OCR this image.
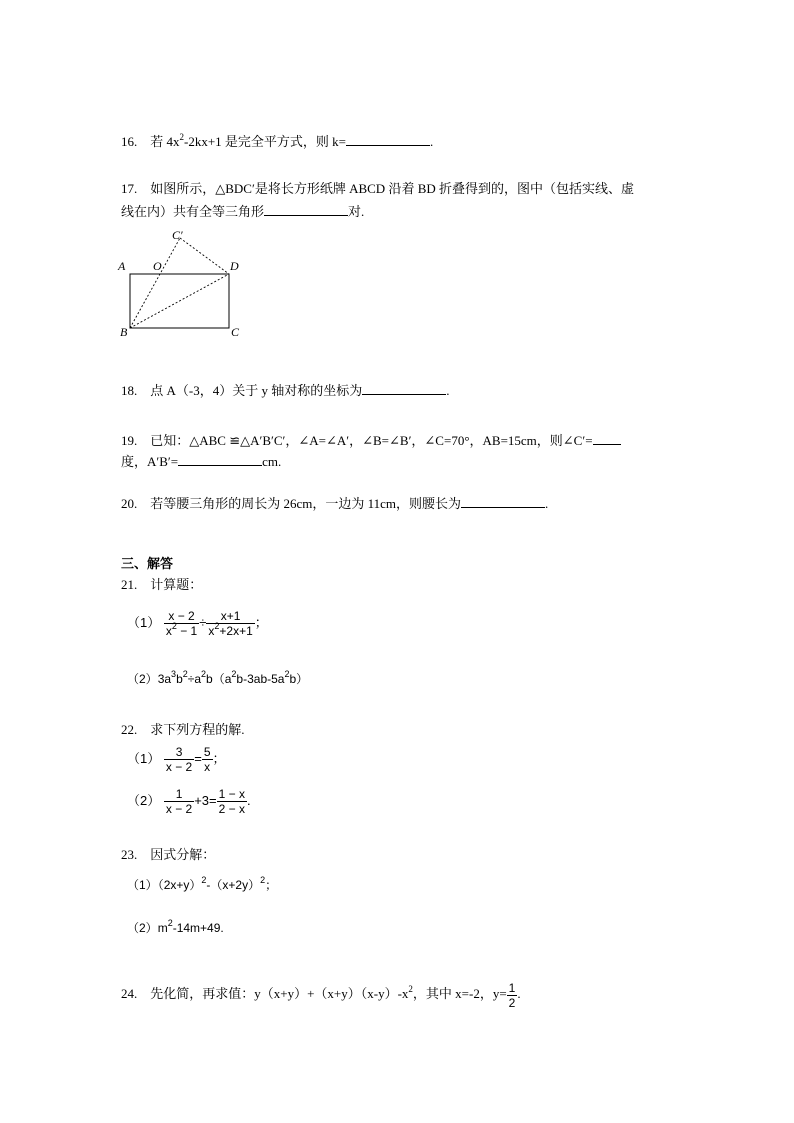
16. 若 $4x^2-2kx+1$ 是完全平方式，则 k=	.
17. 如图所示，△BDC′是将长方形纸牌 ABCD 沿着 BD 折叠得到的，图中（包括实线、虚
线在内）共有全等三角形	对.
A O
C′
D
B	C
18. 点 A（-3，4）关于 y 轴对称的坐标为	.
19. 已知：△ABC ≌△A′B′C′，∠A=∠A′，∠B=∠B′，∠C=70°，AB=15cm，则∠C′=
度，A′B′=	cm.
20. 若等腰三角形的周长为 26cm，一边为 11cm，则腰长为	.
三、解答
21. 计算题：
$(1) \frac{x - 2}{x^2 - 1} \div \frac{x+1}{x^2+2x+1}$ ；
$(2)3a^3b^2\div a^2b(a^2b-3ab-5a^2b)$
22. 求下列方程的解.
$(1) \frac{3}{x - 2} = \frac{5}{x}$ ；
$(2) \frac{1}{x - 2} +3= \frac{1 - x}{2 - x}$ .
23. 因式分解：
$(1)(2x+y)^2-(x+2y)^2$；
$(2)m^2-14m+49$.
24. 先化简，再求值：$y(x+y)+(x+y)(x-y)-x^2$，其中 x=-2，$y= \frac{1}{2}$ .
